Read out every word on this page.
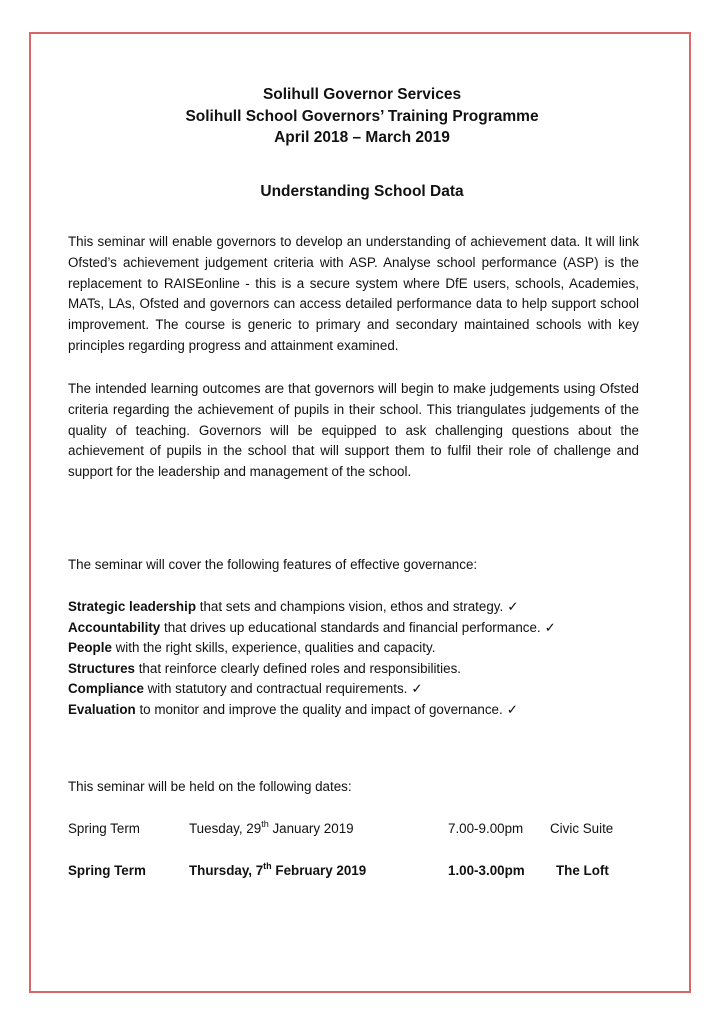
Solihull Governor Services
Solihull School Governors’ Training Programme
April 2018 – March 2019
Understanding School Data

This seminar will enable governors to develop an understanding of achievement data. It will link Ofsted’s achievement judgement criteria with ASP. Analyse school performance (ASP) is the replacement to RAISEonline - this is a secure system where DfE users, schools, Academies, MATs, LAs, Ofsted and governors can access detailed performance data to help support school improvement. The course is generic to primary and secondary maintained schools with key principles regarding progress and attainment examined.

The intended learning outcomes are that governors will begin to make judgements using Ofsted criteria regarding the achievement of pupils in their school. This triangulates judgements of the quality of teaching. Governors will be equipped to ask challenging questions about the achievement of pupils in the school that will support them to fulfil their role of challenge and support for the leadership and management of the school.

The seminar will cover the following features of effective governance:
Strategic leadership that sets and champions vision, ethos and strategy. ✓
Accountability that drives up educational standards and financial performance. ✓
People with the right skills, experience, qualities and capacity.
Structures that reinforce clearly defined roles and responsibilities.
Compliance with statutory and contractual requirements. ✓
Evaluation to monitor and improve the quality and impact of governance. ✓
This seminar will be held on the following dates:
Spring Term	Tuesday, 29th January 2019	7.00-9.00pm Civic Suite
Spring Term	Thursday, 7th February 2019	1.00-3.00pm The Loft
